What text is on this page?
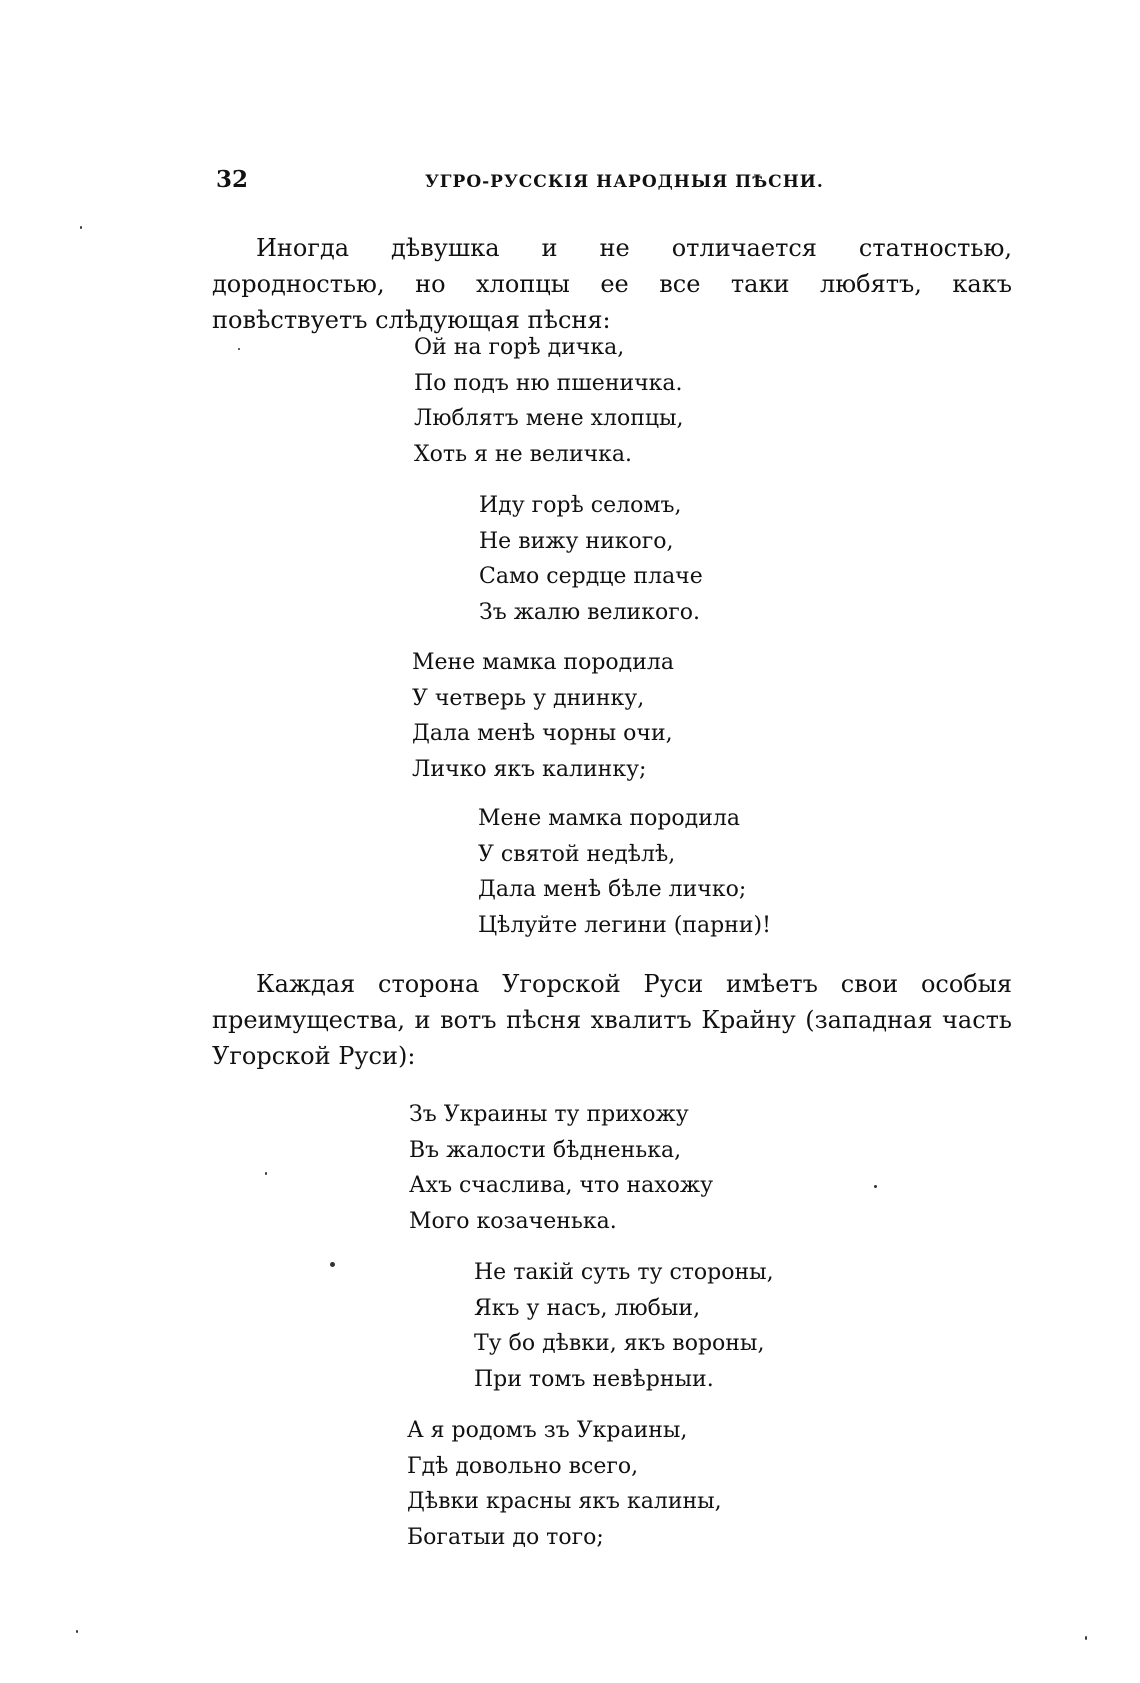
32	УГРО-РУССКІЯ НАРОДНЫЯ ПѢСНИ.

Иногда дѣвушка и не отличается статностью, дородностью, но хлопцы ее все таки любятъ, какъ повѣствуетъ слѣдующая пѣсня:

Ой на горѣ дичка,
По подъ ню пшеничка.
Люблятъ мене хлопцы,
Хоть я не величка.
Иду горѣ селомъ,
Не вижу никого,
Само сердце плаче
Зъ жалю великого.
Мене мамка породила
У четверь у днинку,
Дала менѣ чорны очи,
Личко якъ калинку;
Мене мамка породила
У святой недѣлѣ,
Дала менѣ бѣле личко;
Цѣлуйте легини (парни)!

Каждая сторона Угорской Руси имѣетъ свои особыя преимущества, и вотъ пѣсня хвалитъ Крайну (западная часть Угорской Руси):

Зъ Украины ту прихожу
Въ жалости бѣдненька,
Ахъ счаслива, что нахожу
Мого козаченька.
Не такій суть ту стороны,
Якъ у насъ, любыи,
Ту бо дѣвки, якъ вороны,
При томъ невѣрныи.
А я родомъ зъ Украины,
Гдѣ довольно всего,
Дѣвки красны якъ калины,
Богатыи до того;
